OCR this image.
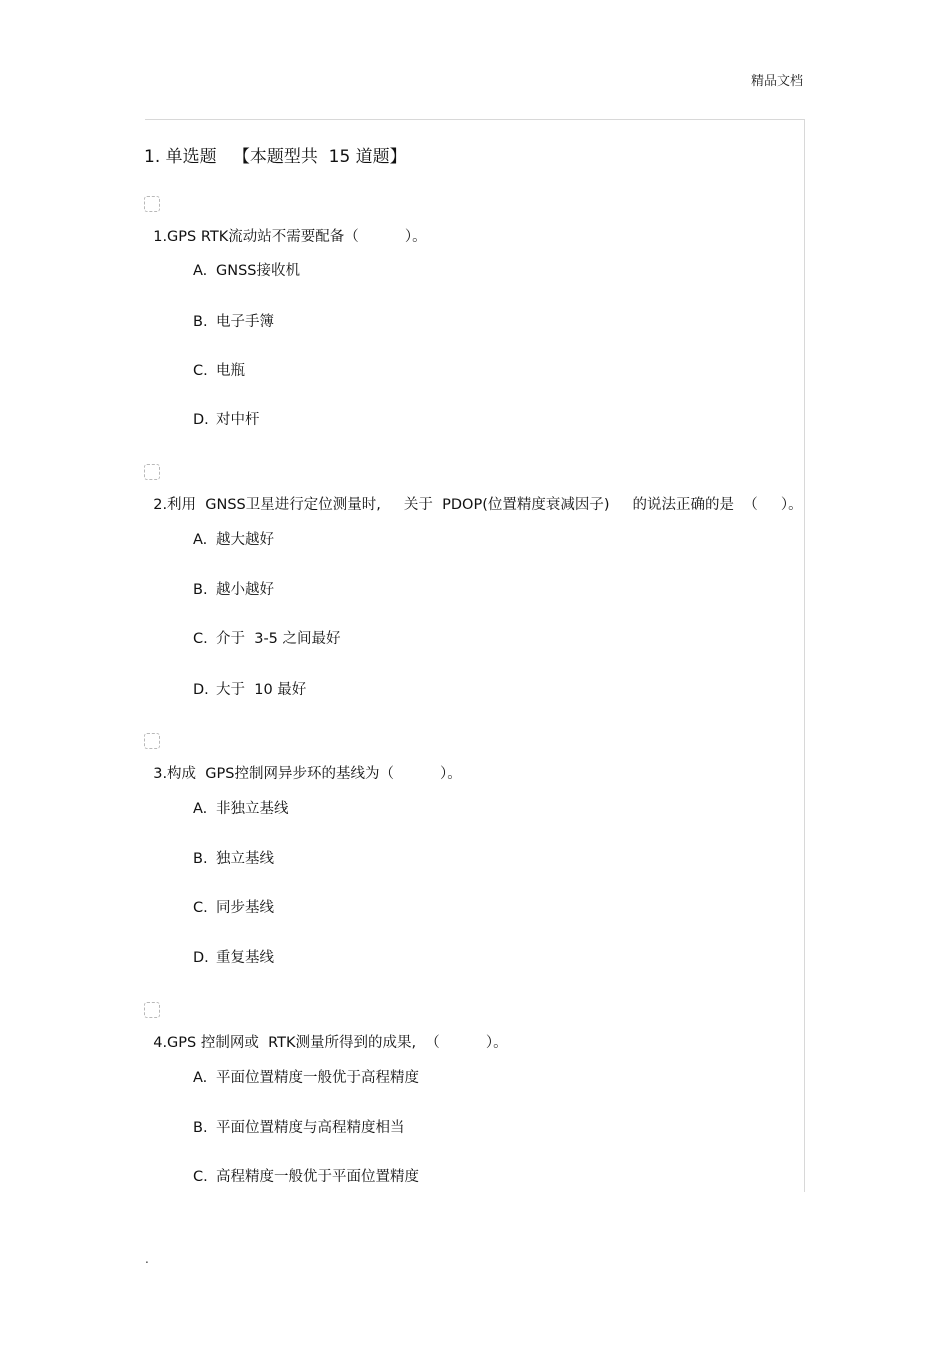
精品文档
1. 单选题   【本题型共  15 道题】

1.GPS RTK流动站不需要配备（          ）。

A. GNSS接收机
B. 电子手簿
C. 电瓶
D. 对中杆

2.利用  GNSS卫星进行定位测量时,     关于  PDOP(位置精度衰减因子)     的说法正确的是  （     ）。

A. 越大越好
B. 越小越好
C. 介于  3-5 之间最好
D. 大于  10 最好

3.构成  GPS控制网异步环的基线为（          ）。

A. 非独立基线
B. 独立基线
C. 同步基线
D. 重复基线

4.GPS 控制网或  RTK测量所得到的成果,  （          ）。

A. 平面位置精度一般优于高程精度
B. 平面位置精度与高程精度相当
C. 高程精度一般优于平面位置精度
.
